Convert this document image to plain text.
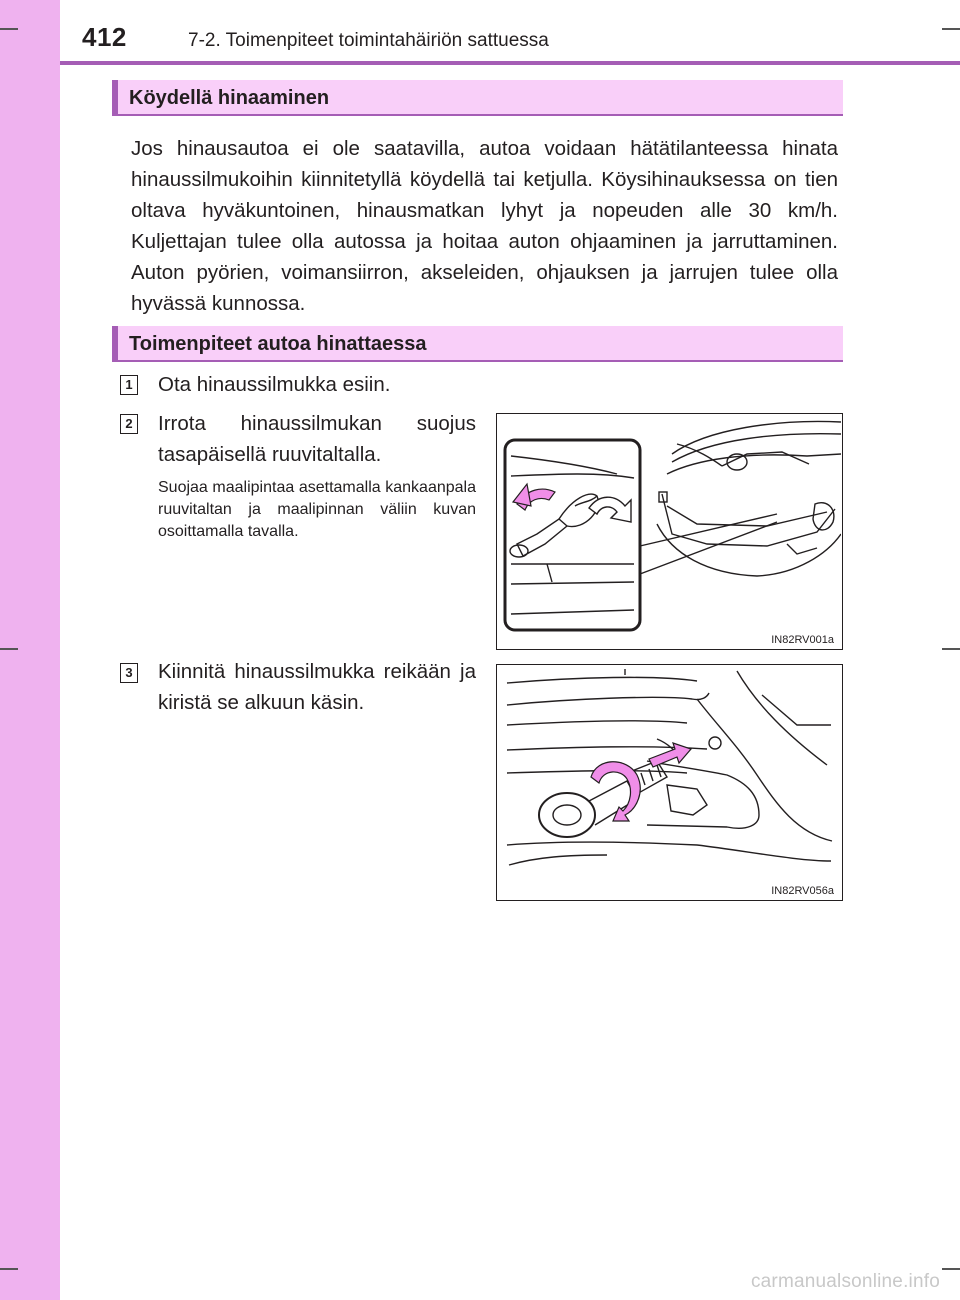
412	7-2. Toimenpiteet toimintahäiriön sattuessa
Köydellä hinaaminen
Jos hinausautoa ei ole saatavilla, autoa voidaan hätätilanteessa hinata hinaussilmukoihin kiinnitetyllä köydellä tai ketjulla. Köysihinauksessa on tien oltava hyväkuntoinen, hinausmatkan lyhyt ja nopeuden alle 30 km/h. Kuljettajan tulee olla autossa ja hoitaa auton ohjaaminen ja jarruttaminen. Auton pyörien, voimansiirron, akseleiden, ohjauksen ja jarrujen tulee olla hyvässä kunnossa.
Toimenpiteet autoa hinattaessa
1 Ota hinaussilmukka esiin.
2 Irrota hinaussilmukan suojus tasapäisellä ruuvitaltalla.
Suojaa maalipintaa asettamalla kankaanpala ruuvitaltan ja maalipinnan väliin kuvan osoittamalla tavalla.
3 Kiinnitä hinaussilmukka reikään ja kiristä se alkuun käsin.
IN82RV001a
IN82RV056a
carmanualsonline.info
